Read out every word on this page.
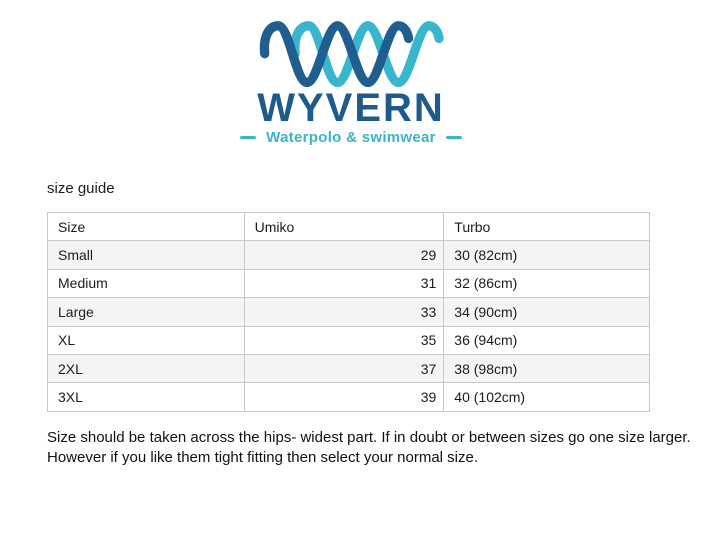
WYVERN
Waterpolo & swimwear
size guide
Size	Umiko	Turbo
Small	29	30 (82cm)
Medium	31	32 (86cm)
Large	33	34 (90cm)
XL	35	36 (94cm)
2XL	37	38 (98cm)
3XL	39	40 (102cm)
Size should be taken across the hips- widest part. If in doubt or between sizes go one size larger.
However if you like them tight fitting then select your normal size.
